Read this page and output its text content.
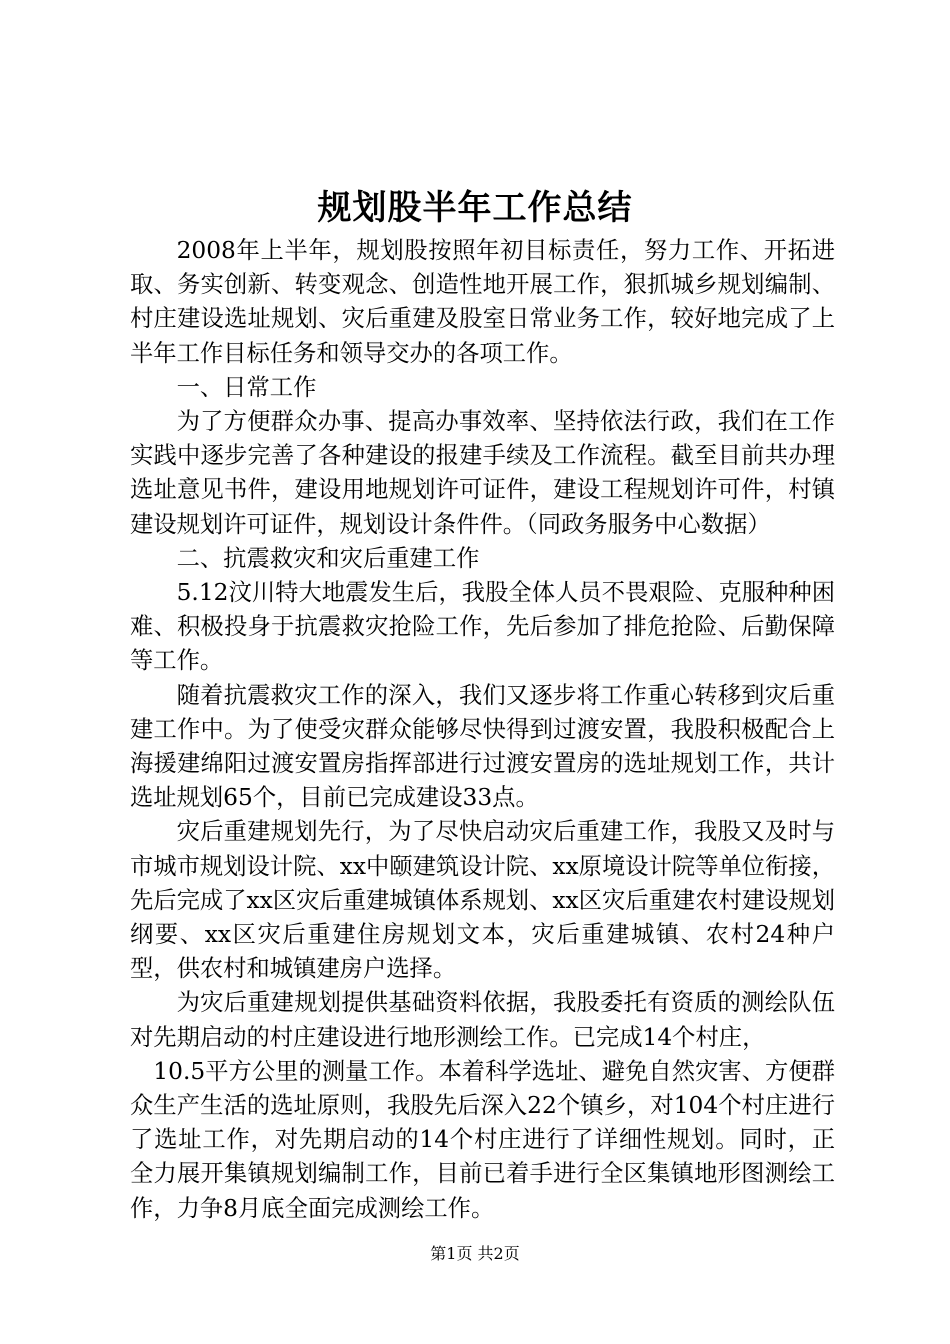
规划股半年工作总结

2008年上半年，规划股按照年初目标责任，努力工作、开拓进取、务实创新、转变观念、创造性地开展工作，狠抓城乡规划编制、村庄建设选址规划、灾后重建及股室日常业务工作，较好地完成了上半年工作目标任务和领导交办的各项工作。

一、日常工作

为了方便群众办事、提高办事效率、坚持依法行政，我们在工作实践中逐步完善了各种建设的报建手续及工作流程。截至目前共办理选址意见书件，建设用地规划许可证件，建设工程规划许可件，村镇建设规划许可证件，规划设计条件件。（同政务服务中心数据）

二、抗震救灾和灾后重建工作

5.12汶川特大地震发生后，我股全体人员不畏艰险、克服种种困难、积极投身于抗震救灾抢险工作，先后参加了排危抢险、后勤保障等工作。

随着抗震救灾工作的深入，我们又逐步将工作重心转移到灾后重建工作中。为了使受灾群众能够尽快得到过渡安置，我股积极配合上海援建绵阳过渡安置房指挥部进行过渡安置房的选址规划工作，共计选址规划65个，目前已完成建设33点。

灾后重建规划先行，为了尽快启动灾后重建工作，我股又及时与市城市规划设计院、xx中颐建筑设计院、xx原境设计院等单位衔接，先后完成了xx区灾后重建城镇体系规划、xx区灾后重建农村建设规划纲要、xx区灾后重建住房规划文本，灾后重建城镇、农村24种户型，供农村和城镇建房户选择。

为灾后重建规划提供基础资料依据，我股委托有资质的测绘队伍对先期启动的村庄建设进行地形测绘工作。已完成14个村庄，

10.5平方公里的测量工作。本着科学选址、避免自然灾害、方便群众生产生活的选址原则，我股先后深入22个镇乡，对104个村庄进行了选址工作，对先期启动的14个村庄进行了详细性规划。同时，正全力展开集镇规划编制工作，目前已着手进行全区集镇地形图测绘工作，力争8月底全面完成测绘工作。

第1页 共2页
